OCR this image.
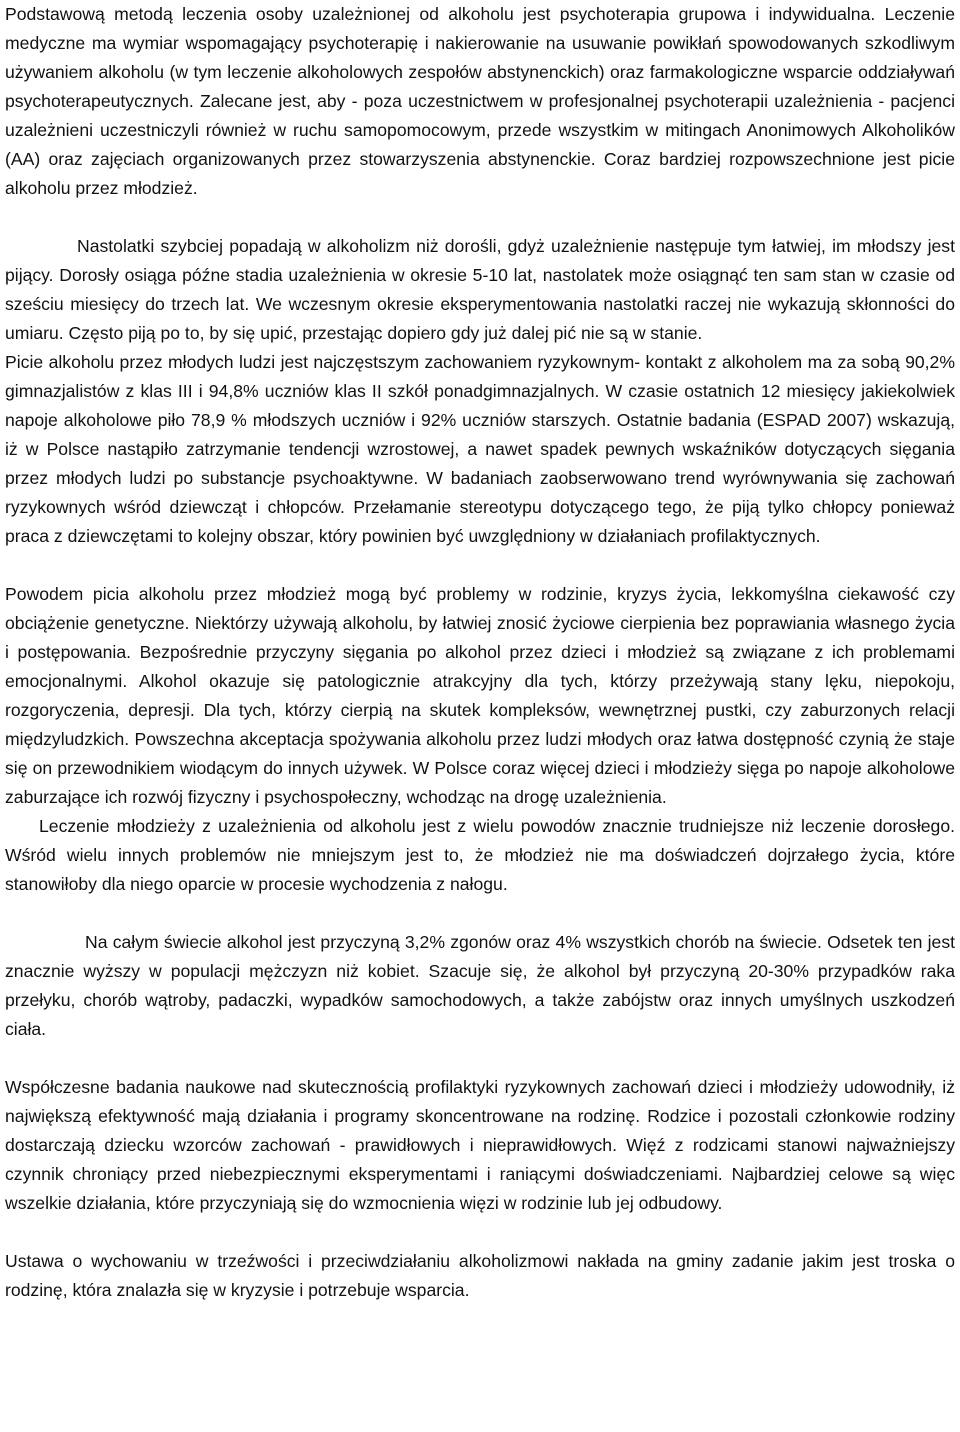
Podstawową metodą leczenia osoby uzależnionej od alkoholu jest psychoterapia grupowa i indywidualna. Leczenie medyczne ma wymiar wspomagający psychoterapię i nakierowanie na usuwanie powikłań spowodowanych szkodliwym używaniem alkoholu (w tym leczenie alkoholowych zespołów abstynenckich) oraz farmakologiczne wsparcie oddziaływań psychoterapeutycznych. Zalecane jest, aby - poza uczestnictwem w profesjonalnej psychoterapii uzależnienia - pacjenci uzależnieni uczestniczyli również w ruchu samopomocowym, przede wszystkim w mitingach Anonimowych Alkoholików (AA) oraz zajęciach organizowanych przez stowarzyszenia abstynenckie. Coraz bardziej rozpowszechnione jest picie alkoholu przez młodzież.

Nastolatki szybciej popadają w alkoholizm niż dorośli, gdyż uzależnienie następuje tym łatwiej, im młodszy jest pijący. Dorosły osiąga późne stadia uzależnienia w okresie 5-10 lat, nastolatek może osiągnąć ten sam stan w czasie od sześciu miesięcy do trzech lat. We wczesnym okresie eksperymentowania nastolatki raczej nie wykazują skłonności do umiaru. Często piją po to, by się upić, przestając dopiero gdy już dalej pić nie są w stanie.

Picie alkoholu przez młodych ludzi jest najczęstszym zachowaniem ryzykownym- kontakt z alkoholem ma za sobą 90,2% gimnazjalistów z klas III i 94,8% uczniów klas II szkół ponadgimnazjalnych. W czasie ostatnich 12 miesięcy jakiekolwiek napoje alkoholowe piło 78,9 % młodszych uczniów i 92% uczniów starszych. Ostatnie badania (ESPAD 2007) wskazują, iż w Polsce nastąpiło zatrzymanie tendencji wzrostowej, a nawet spadek pewnych wskaźników dotyczących sięgania przez młodych ludzi po substancje psychoaktywne. W badaniach zaobserwowano trend wyrównywania się zachowań ryzykownych wśród dziewcząt i chłopców. Przełamanie stereotypu dotyczącego tego, że piją tylko chłopcy ponieważ praca z dziewczętami to kolejny obszar, który powinien być uwzględniony w działaniach profilaktycznych.

Powodem picia alkoholu przez młodzież mogą być problemy w rodzinie, kryzys życia, lekkomyślna ciekawość czy obciążenie genetyczne. Niektórzy używają alkoholu, by łatwiej znosić życiowe cierpienia bez poprawiania własnego życia i postępowania. Bezpośrednie przyczyny sięgania po alkohol przez dzieci i młodzież są związane z ich problemami emocjonalnymi. Alkohol okazuje się patologicznie atrakcyjny dla tych, którzy przeżywają stany lęku, niepokoju, rozgoryczenia, depresji. Dla tych, którzy cierpią na skutek kompleksów, wewnętrznej pustki, czy zaburzonych relacji międzyludzkich. Powszechna akceptacja spożywania alkoholu przez ludzi młodych oraz łatwa dostępność czynią że staje się on przewodnikiem wiodącym do innych używek. W Polsce coraz więcej dzieci i młodzieży sięga po napoje alkoholowe zaburzające ich rozwój fizyczny i psychospołeczny, wchodząc na drogę uzależnienia.

Leczenie młodzieży z uzależnienia od alkoholu jest z wielu powodów znacznie trudniejsze niż leczenie dorosłego. Wśród wielu innych problemów nie mniejszym jest to, że młodzież nie ma doświadczeń dojrzałego życia, które stanowiłoby dla niego oparcie w procesie wychodzenia z nałogu.

Na całym świecie alkohol jest przyczyną 3,2% zgonów oraz 4% wszystkich chorób na świecie. Odsetek ten jest znacznie wyższy w populacji mężczyzn niż kobiet. Szacuje się, że alkohol był przyczyną 20-30% przypadków raka przełyku, chorób wątroby, padaczki, wypadków samochodowych, a także zabójstw oraz innych umyślnych uszkodzeń ciała.

Współczesne badania naukowe nad skutecznością profilaktyki ryzykownych zachowań dzieci i młodzieży udowodniły, iż największą efektywność mają działania i programy skoncentrowane na rodzinę. Rodzice i pozostali członkowie rodziny dostarczają dziecku wzorców zachowań - prawidłowych i nieprawidłowych. Więź z rodzicami stanowi najważniejszy czynnik chroniący przed niebezpiecznymi eksperymentami i raniącymi doświadczeniami. Najbardziej celowe są więc wszelkie działania, które przyczyniają się do wzmocnienia więzi w rodzinie lub jej odbudowy.

Ustawa o wychowaniu w trzeźwości i przeciwdziałaniu alkoholizmowi nakłada na gminy zadanie jakim jest troska o rodzinę, która znalazła się w kryzysie i potrzebuje wsparcia.
